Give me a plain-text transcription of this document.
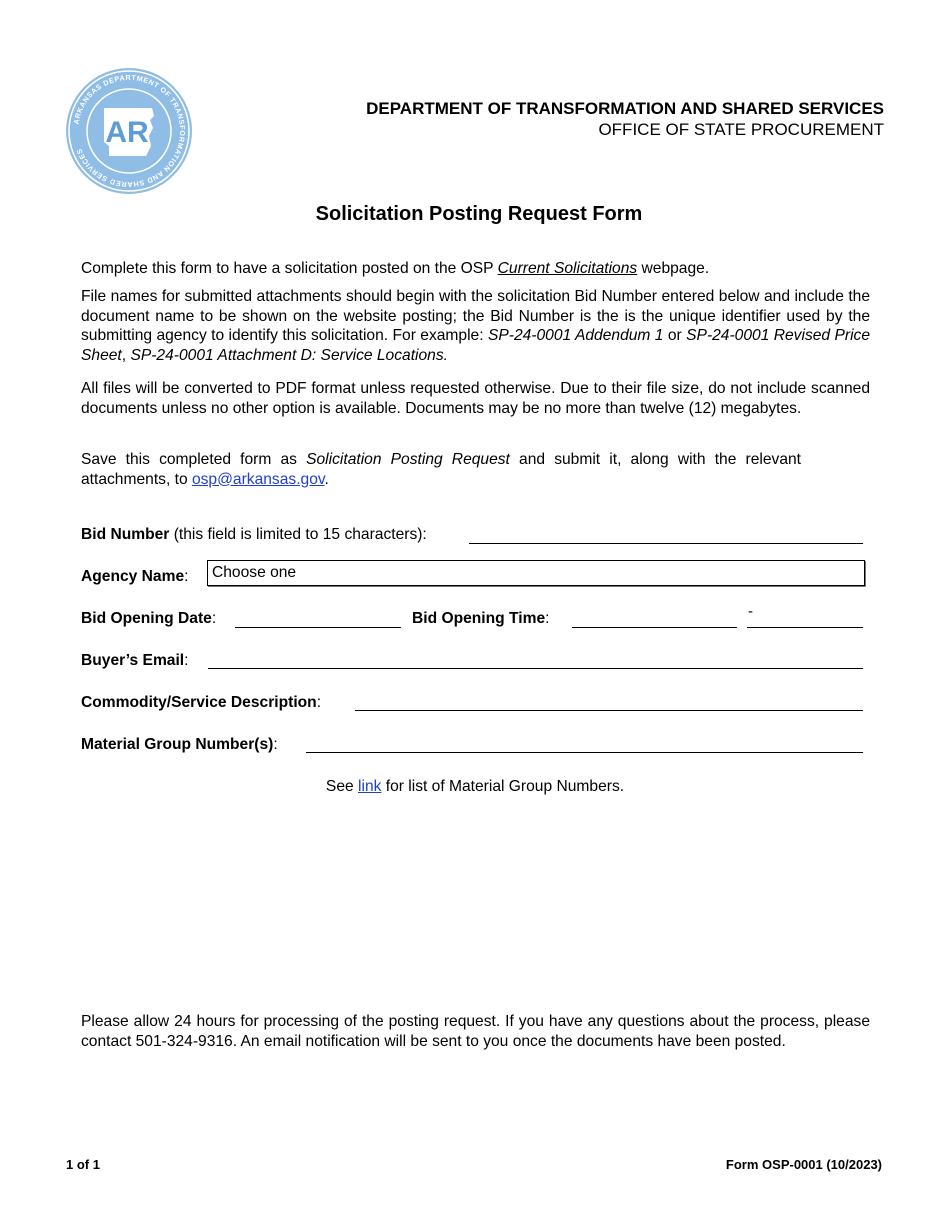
ARKANSAS DEPARTMENT OF TRANSFORMATION AND SHARED SERVICES
AR
DEPARTMENT OF TRANSFORMATION AND SHARED SERVICES
OFFICE OF STATE PROCUREMENT
Solicitation Posting Request Form

Complete this form to have a solicitation posted on the OSP Current Solicitations webpage.

File names for submitted attachments should begin with the solicitation Bid Number entered below and include the document name to be shown on the website posting; the Bid Number is the is the unique identifier used by the submitting agency to identify this solicitation. For example: SP-24-0001 Addendum 1 or SP-24-0001 Revised Price Sheet, SP-24-0001 Attachment D: Service Locations.

All files will be converted to PDF format unless requested otherwise. Due to their file size, do not include scanned documents unless no other option is available. Documents may be no more than twelve (12) megabytes.

Save this completed form as Solicitation Posting Request and submit it, along with the relevant attachments, to osp@arkansas.gov.

Bid Number (this field is limited to 15 characters):
Agency Name:	Choose one
Bid Opening Date:	Bid Opening Time:	-
Buyer’s Email:
Commodity/Service Description:
Material Group Number(s):
See link for list of Material Group Numbers.

Please allow 24 hours for processing of the posting request. If you have any questions about the process, please contact 501-324-9316. An email notification will be sent to you once the documents have been posted.

1 of 1	Form OSP-0001 (10/2023)
